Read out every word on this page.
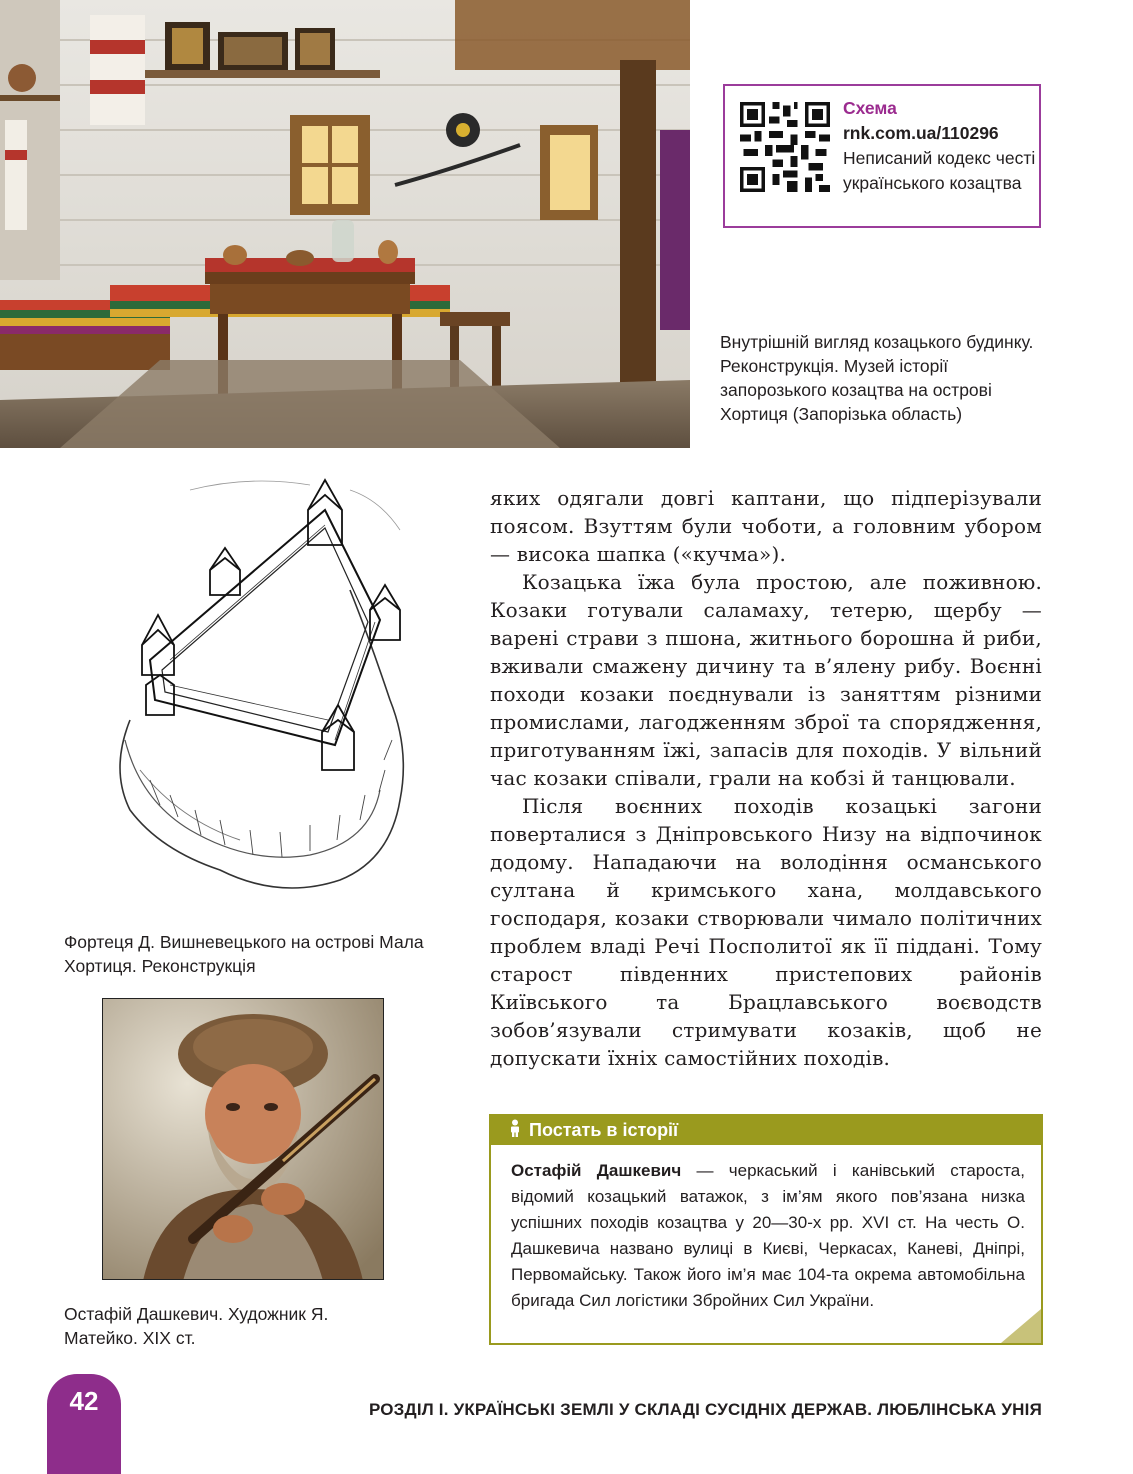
Схема
rnk.com.ua/110296
Неписаний кодекс честі українського козацтва
Внутрішній вигляд козацького будинку. Реконструкція. Музей історії запорозького козацтва на острові Хортиця (Запорізька область)
Фортеця Д. Вишневецького на острові Мала Хортиця. Реконструкція
Остафій Дашкевич. Художник Я. Матейко. XIX ст.

яких одягали довгі каптани, що підперізували поясом. Взуттям були чоботи, а головним убором — висока шапка («кучма»).

Козацька їжа була простою, але поживною. Козаки готували саламаху, тетерю, щербу — варені страви з пшона, житнього борошна й риби, вживали смажену дичину та в’ялену рибу. Воєнні походи козаки поєднували із заняттям різними промислами, лагодженням зброї та спорядження, приготуванням їжі, запасів для походів. У вільний час козаки співали, грали на кобзі й танцювали.

Після воєнних походів козацькі загони поверталися з Дніпровського Низу на відпочинок додому. Нападаючи на володіння османського султана й кримського хана, молдавського господаря, козаки створювали чимало політичних проблем владі Речі Посполитої як її піддані. Тому старост південних пристепових районів Київського та Брацлавського воєводств зобов’язували стримувати козаків, щоб не допускати їхніх самостійних походів.

Постать в історії
Остафій Дашкевич — черкаський і канівський староста, відомий козацький ватажок, з ім’ям якого пов’язана низка успішних походів козацтва у 20—30-х рр. XVI ст. На честь О. Дашкевича названо вулиці в Києві, Черкасах, Каневі, Дніпрі, Первомайську. Також його ім’я має 104-та окрема автомобільна бригада Сил логістики Збройних Сил України.
42	РОЗДІЛ І. УКРАЇНСЬКІ ЗЕМЛІ У СКЛАДІ СУСІДНІХ ДЕРЖАВ. ЛЮБЛІНСЬКА УНІЯ
